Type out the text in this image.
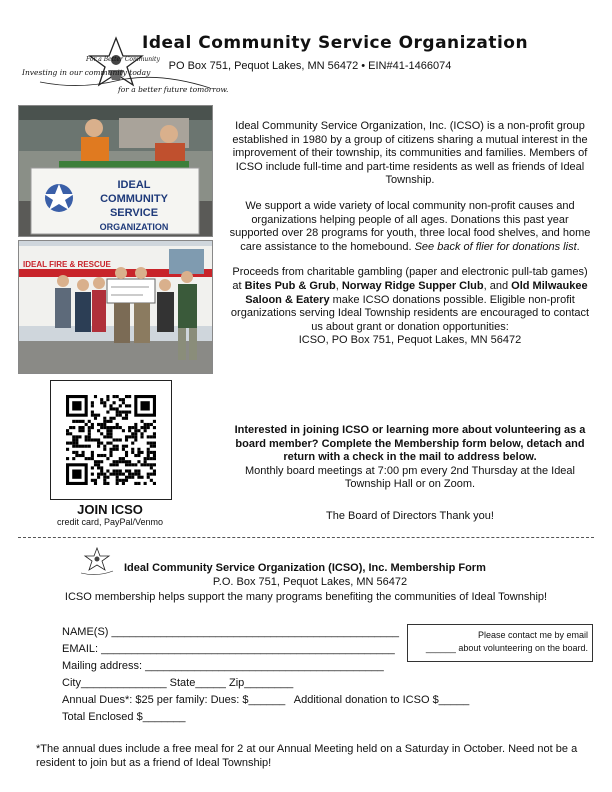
For a Better Community
Ideal Community Service Organization
PO Box 751, Pequot Lakes, MN 56472 • EIN#41-1466074
Investing in our community today
for a better future tomorrow.
IDEAL
COMMUNITY
SERVICE
ORGANIZATION
IDEAL FIRE & RESCUE

Ideal Community Service Organization, Inc. (ICSO) is a non-profit group established in 1980 by a group of citizens sharing a mutual interest in the improvement of their township, its communities and families. Members of ICSO include full-time and part-time residents as well as friends of Ideal Township.

We support a wide variety of local community non-profit causes and organizations helping people of all ages. Donations this past year supported over 28 programs for youth, three local food shelves, and home care assistance to the homebound. See back of flier for donations list.

Proceeds from charitable gambling (paper and electronic pull-tab games) at Bites Pub & Grub, Norway Ridge Supper Club, and Old Milwaukee Saloon & Eatery make ICSO donations possible. Eligible non-profit organizations serving Ideal Township residents are encouraged to contact us about grant or donation opportunities:
ICSO, PO Box 751, Pequot Lakes, MN 56472

JOIN ICSO
credit card, PayPal/Venmo
Interested in joining ICSO or learning more about volunteering as a board member? Complete the Membership form below, detach and return with a check in the mail to address below.
Monthly board meetings at 7:00 pm every 2nd Thursday at the Ideal Township Hall or on Zoom.
The Board of Directors Thank you!
Ideal Community Service Organization (ICSO), Inc. Membership Form
P.O. Box 751, Pequot Lakes, MN 56472
ICSO membership helps support the many programs benefiting the communities of Ideal Township!
NAME(S) _______________________________________________
EMAIL: ________________________________________________
Mailing address: _______________________________________
City______________ State_____ Zip________
Annual Dues*: $25 per family: Dues: $______   Additional donation to ICSO $_____
Total Enclosed $_______
Please contact me by email
______ about volunteering on the board.
*The annual dues include a free meal for 2 at our Annual Meeting held on a Saturday in October. Need not be a resident to join but as a friend of Ideal Township!
